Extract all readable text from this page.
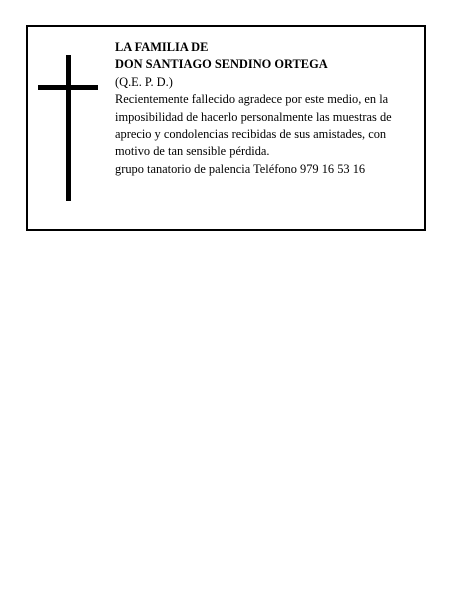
LA FAMILIA DE
DON SANTIAGO SENDINO ORTEGA
(Q.E. P. D.)
Recientemente fallecido agradece por este medio, en la imposibilidad de hacerlo personalmente las muestras de aprecio y condolencias recibidas de sus amistades, con motivo de tan sensible pérdida.
grupo tanatorio de palencia Teléfono 979 16 53 16
